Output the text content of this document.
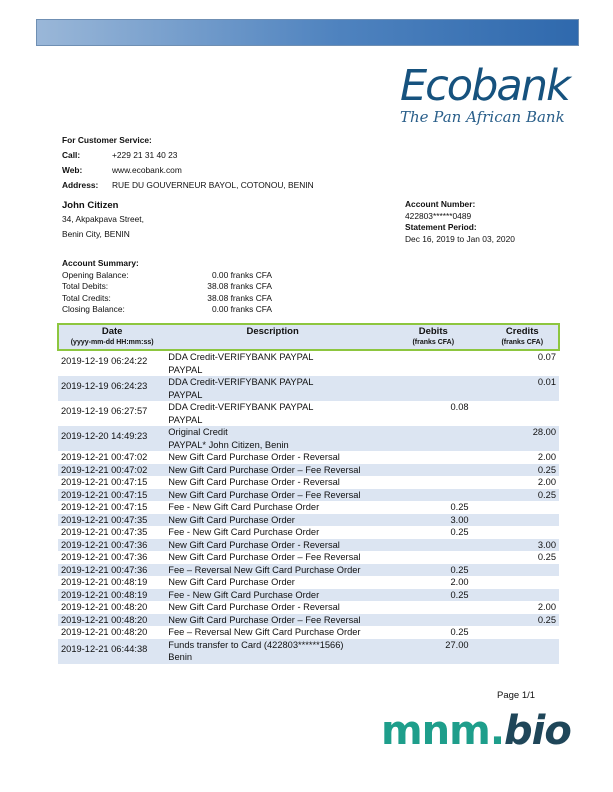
Ecobank
The Pan African Bank
For Customer Service:
Call:	+229 21 31 40 23
Web:	www.ecobank.com
Address:	RUE DU GOUVERNEUR BAYOL, COTONOU, BENIN
John Citizen
34, Akpakpava Street,
Benin City, BENIN
Account Number:
422803******0489
Statement Period:
Dec 16, 2019 to Jan 03, 2020
Account Summary:
Opening Balance:	0.00 franks CFA
Total Debits:	38.08 franks CFA
Total Credits:	38.08 franks CFA
Closing Balance:	0.00 franks CFA
Date
(yyyy-mm-dd HH:mm:ss)	Description	Debits
(franks CFA)	Credits
(franks CFA)

2019-12-19 06:24:22	DDA Credit-VERIFYBANK PAYPAL
PAYPAL		0.07
2019-12-19 06:24:23	DDA Credit-VERIFYBANK PAYPAL
PAYPAL		0.01
2019-12-19 06:27:57	DDA Credit-VERIFYBANK PAYPAL
PAYPAL	0.08	
2019-12-20 14:49:23	Original Credit
PAYPAL* John Citizen, Benin		28.00
2019-12-21 00:47:02	New Gift Card Purchase Order - Reversal		2.00
2019-12-21 00:47:02	New Gift Card Purchase Order – Fee Reversal		0.25
2019-12-21 00:47:15	New Gift Card Purchase Order - Reversal		2.00
2019-12-21 00:47:15	New Gift Card Purchase Order – Fee Reversal		0.25
2019-12-21 00:47:15	Fee - New Gift Card Purchase Order	0.25	
2019-12-21 00:47:35	New Gift Card Purchase Order	3.00	
2019-12-21 00:47:35	Fee - New Gift Card Purchase Order	0.25	
2019-12-21 00:47:36	New Gift Card Purchase Order - Reversal		3.00
2019-12-21 00:47:36	New Gift Card Purchase Order – Fee Reversal		0.25
2019-12-21 00:47:36	Fee – Reversal New Gift Card Purchase Order	0.25	
2019-12-21 00:48:19	New Gift Card Purchase Order	2.00	
2019-12-21 00:48:19	Fee - New Gift Card Purchase Order	0.25	
2019-12-21 00:48:20	New Gift Card Purchase Order - Reversal		2.00
2019-12-21 00:48:20	New Gift Card Purchase Order – Fee Reversal		0.25
2019-12-21 00:48:20	Fee – Reversal New Gift Card Purchase Order	0.25	
2019-12-21 06:44:38	Funds transfer to Card (422803******1566)
Benin	27.00	
Page 1/1
mnm.bio
